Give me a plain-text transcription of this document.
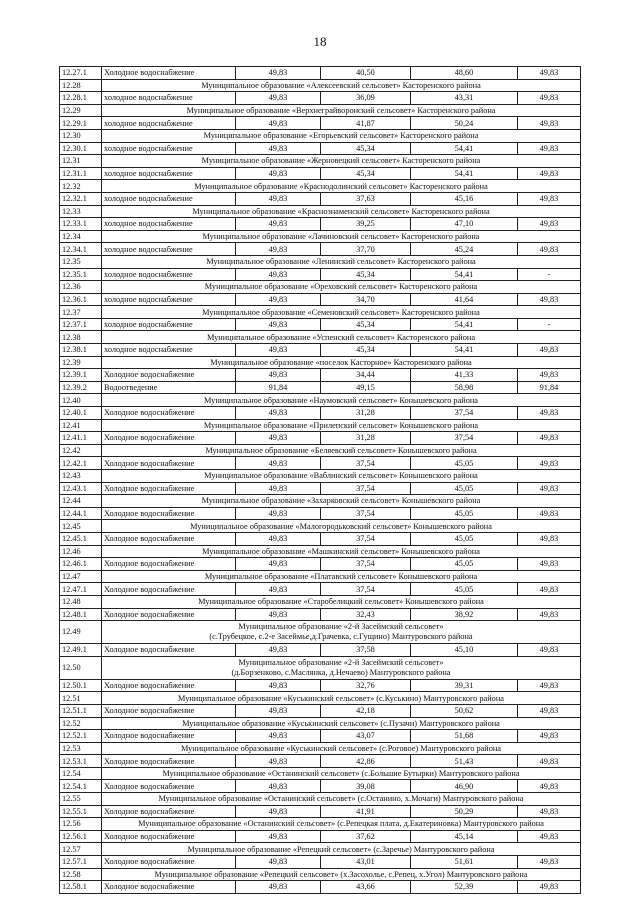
18
12.27.1	Холодное водоснабжение	49,83	40,50	48,60	49,83
12.28	Муниципальное образование «Алексеевский сельсовет» Касторенского района				
12.28.1	холодное водоснабжение	49,83	36,09	43,31	49,83
12.29	Муниципальное образование «Верхнеграйворонский сельсовет» Касторенского района				
12.29.1	холодное водоснабжение	49,83	41,87	50,24	49,83
12.30	Муниципальное образование «Егорьевский сельсовет» Касторенского района				
12.30.1	холодное водоснабжение	49,83	45,34	54,41	49,83
12.31	Муниципальное образование «Жерновецкий сельсовет» Касторенского района				
12.31.1	холодное водоснабжение	49,83	45,34	54,41	49,83
12.32	Муниципальное образование «Краснодолинский сельсовет» Касторенского района				
12.32.1	холодное водоснабжение	49,83	37,63	45,16	49,83
12.33	Муниципальное образование «Краснознаменский сельсовет» Касторенского района				
12.33.1	холодное водоснабжение	49,83	39,25	47,10	49,83
12.34	Муниципальное образование «Лачиновский сельсовет» Касторенского района				
12.34.1	холодное водоснабжение	49,83	37,70	45,24	49,83
12.35	Муниципальное образование «Ленинский сельсовет» Касторенского района				
12.35.1	холодное водоснабжение	49,83	45,34	54,41	-
12.36	Муниципальное образование «Ореховский сельсовет» Касторенского района				
12.36.1	холодное водоснабжение	49,83	34,70	41,64	49,83
12.37	Муниципальное образование «Семеновский сельсовет» Касторенского района				
12.37.1	холодное водоснабжение	49,83	45,34	54,41	-
12.38	Муниципальное образование «Успенский сельсовет» Касторенского района				
12.38.1	холодное водоснабжение	49,83	45,34	54,41	49,83
12.39	Муниципальное образование «поселок Касторное» Касторенского района				
12.39.1	Холодное водоснабжение	49,83	34,44	41,33	49,83
12.39.2	Водоотведение	91,84	49,15	58,98	91,84
12.40	Муниципальное образование «Наумовский сельсовет» Конышевского района				
12.40.1	Холодное водоснабжение	49,83	31,28	37,54	49,83
12.41	Муниципальное образование «Прилепский сельсовет» Конышевского района				
12.41.1	Холодное водоснабжение	49,83	31,28	37,54	49,83
12.42	Муниципальное образование «Беляевский сельсовет» Конышевского района				
12.42.1	Холодное водоснабжение	49,83	37,54	45,05	49,83
12.43	Муниципальное образование «Ваблинский сельсовет» Конышевского района				
12.43.1	Холодное водоснабжение	49,83	37,54	45,05	49,83
12.44	Муниципальное образование «Захарковский сельсовет» Конышевского района				
12.44.1	Холодное водоснабжение	49,83	37,54	45,05	49,83
12.45	Муниципальное образование «Малогородьковский сельсовет» Конышевского района				
12.45.1	Холодное водоснабжение	49,83	37,54	45,05	49,83
12.46	Муниципальное образование «Машкинский сельсовет» Конышевского района				
12.46.1	Холодное водоснабжение	49,83	37,54	45,05	49,83
12.47	Муниципальное образование «Платавский сельсовет» Конышевского района				
12.47.1	Холодное водоснабжение	49,83	37,54	45,05	49,83
12.48	Муниципальное образование «Старобелицкий сельсовет» Конышевского района				
12.48.1	Холодное водоснабжение	49,83	32,43	38,92	49,83
12.49	Муниципальное образование «2-й Засеймский сельсовет»
(с.Трубецкое, с.2-е Засеймье,д.Грачевка, с.Гущино) Мантуровского района				

12.49.1	Холодное водоснабжение	49,83	37,58	45,10	49,83
12.50	Муниципальное образование «2-й Засеймский сельсовет»
(д.Борзенково, с.Маслянка, д.Нечаево) Мантуровского района				

12.50.1	Холодное водоснабжение	49,83	32,76	39,31	49,83
12.51	Муниципальное образование «Куськинский сельсовет» (с.Куськино) Мантуровского района				
12.51.1	Холодное водоснабжение	49,83	42,18	50,62	49,83
12.52	Муниципальное образование «Куськинский сельсовет» (с.Пузачи) Мантуровского района				
12.52.1	Холодное водоснабжение	49,83	43,07	51,68	49,83
12.53	Муниципальное образование «Куськинский сельсовет» (с.Роговое) Мантуровского района				
12.53.1	Холодное водоснабжение	49,83	42,86	51,43	49,83
12.54	Муниципальное образование «Останинский сельсовет» (с.Большие Бутырки) Мантуровского района				
12.54.1	Холодное водоснабжение	49,83	39,08	46,90	49,83
12.55	Муниципальное образование «Останинский сельсовет» (с.Останино, х.Мочаги) Мантуровского района				
12.55.1	Холодное водоснабжение	49,83	41,91	50,29	49,83
12.56	Муниципальное образование «Останинский сельсовет» (с.Репецкая плата, д.Екатериновка) Мантуровского района				
12.56.1	Холодное водоснабжение	49,83	37,62	45,14	49,83
12.57	Муниципальное образование «Репецкий сельсовет» (с.Заречье) Мантуровского района				
12.57.1	Холодное водоснабжение	49,83	43,01	51,61	49,83
12.58	Муниципальное образование «Репецкий сельсовет» (х.Засохолье, с.Репец, х.Угол) Мантуровского района				
12.58.1	Холодное водоснабжение	49,83	43,66	52,39	49,83
